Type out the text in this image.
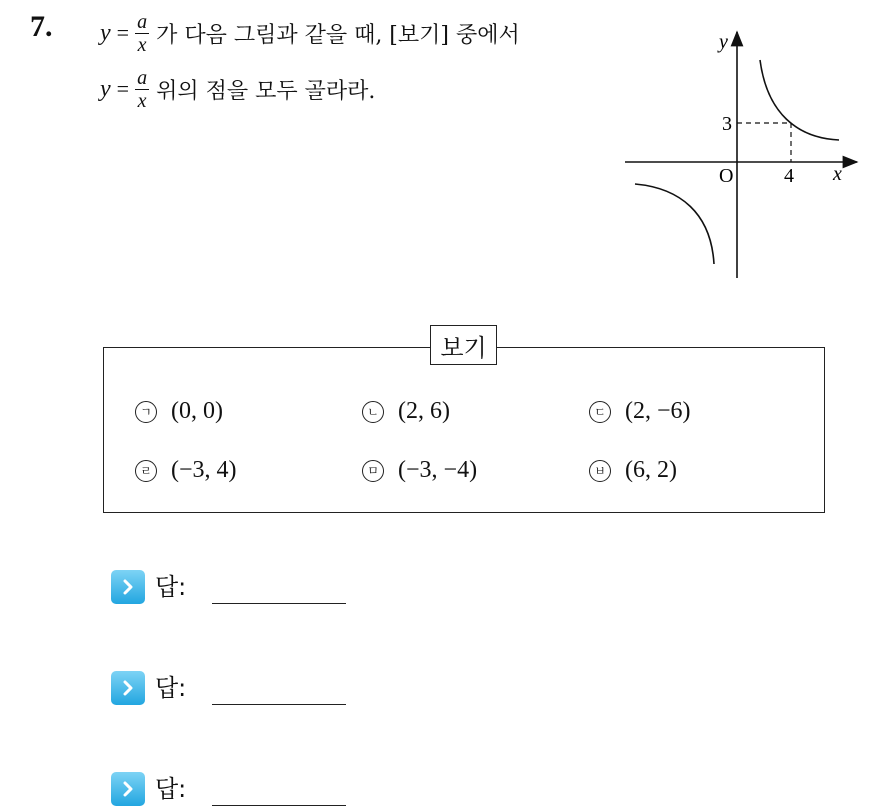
7. $y = \frac{a}{x}$ 가 다음 그림과 같을 때, [보기] 중에서
$y = \frac{a}{x}$ 위의 점을 모두 골라라.
y
x
O	4
3
보기
ㄱ (0, 0)	ㄴ (2, 6)	ㄷ (2, −6)
ㄹ (−3, 4)	ㅁ (−3, −4)	ㅂ (6, 2)
답:
답:
답:
